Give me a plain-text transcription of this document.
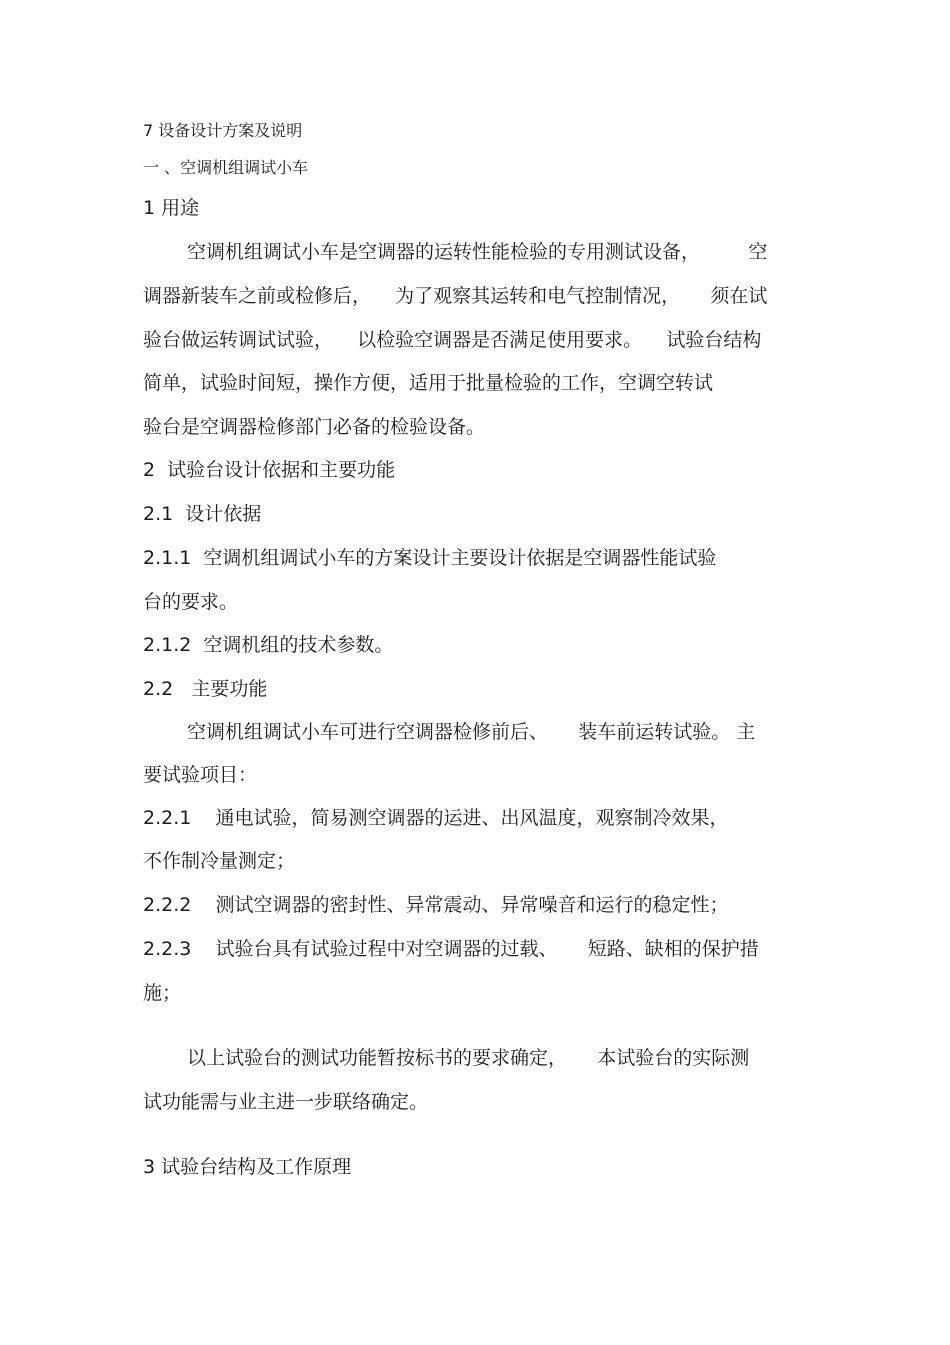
7 设备设计方案及说明
一 、空调机组调试小车
1 用途
空调机组调试小车是空调器的运转性能检验的专用测试设备，        空
调器新装车之前或检修后，    为了观察其运转和电气控制情况，     须在试
验台做运转调试试验，    以检验空调器是否满足使用要求。    试验台结构
简单，试验时间短，操作方便，适用于批量检验的工作，空调空转试
验台是空调器检修部门必备的检验设备。
2  试验台设计依据和主要功能
2.1  设计依据
2.1.1  空调机组调试小车的方案设计主要设计依据是空调器性能试验
台的要求。
2.1.2  空调机组的技术参数。
2.2   主要功能
空调机组调试小车可进行空调器检修前后、     装车前运转试验。 主
要试验项目：
2.2.1    通电试验，简易测空调器的运进、出风温度，观察制冷效果，
不作制冷量测定；
2.2.2    测试空调器的密封性、异常震动、异常噪音和运行的稳定性；
2.2.3    试验台具有试验过程中对空调器的过载、     短路、缺相的保护措
施；
以上试验台的测试功能暂按标书的要求确定，     本试验台的实际测
试功能需与业主进一步联络确定。
3 试验台结构及工作原理
